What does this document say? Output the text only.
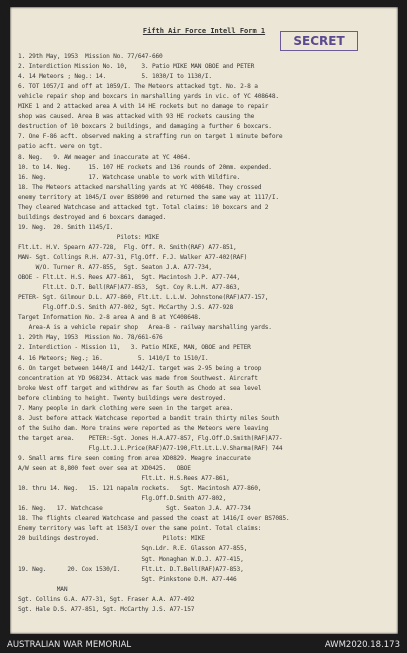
Fifth Air Force Intell Form 1
SECRET
1. 29th May, 1953  Mission No. 77/647-660
2. Interdiction Mission No. 10,    3. Patio MIKE MAN OBOE and PETER
4. 14 Meteors ; Neg.: 14.          5. 1030/I to 1130/I.
6. TOT 1057/I and off at 1059/I. The Meteors attacked tgt. No. 2-8 a
vehicle repair shop and boxcars in marshalling yards in vic. of YC 408648.
MIKE 1 and 2 attacked area A with 14 HE rockets but no damage to repair
shop was caused. Area B was attacked with 93 HE rockets causing the
destruction of 10 boxcars 2 buildings, and damaging a further 6 boxcars.
7. One F-86 acft. observed making a straffing run on target 1 minute before
patio acft. were on tgt.
8. Neg.   9. AW meager and inaccurate at YC 4064.
10. to 14. Neg.     15. 107 HE rockets and 136 rounds of 20mm. expended.
16. Neg.            17. Watchcase unable to work with Wildfire.
18. The Meteors attacked marshalling yards at YC 408648. They crossed
enemy territory at 1045/I over BS8090 and returned the same way at 1117/I.
They cleared Watchcase and attacked tgt. Total claims: 10 boxcars and 2
buildings destroyed and 6 boxcars damaged.
19. Neg.  20. Smith 1145/I.
Pilots: MIKE
Flt.Lt. H.V. Spearn A77-728,  Flg. Off. R. Smith(RAF) A77-851,
MAN- Sgt. Collings R.H. A77-31, Flg.Off. F.J. Walker A77-402(RAF)
W/O. Turner R. A77-855,  Sgt. Seaton J.A. A77-734,
OBOE - Flt.Lt. H.S. Rees A77-861,  Sgt. Macintosh J.P. A77-744,
Flt.Lt. D.T. Bell(RAF)A77-853,  Sgt. Coy R.L.M. A77-863,
PETER- Sgt. Gilmour D.L. A77-860, Flt.Lt. L.L.W. Johnstone(RAF)A77-157,
Flg.Off.D.S. Smith A77-802, Sgt. McCarthy J.S. A77-928
Target Information No. 2-8 area A and B at YC408648.
Area-A is a vehicle repair shop   Area-B - railway marshalling yards.
1. 29th May, 1953  Mission No. 78/661-676
2. Interdiction - Mission 11,   3. Patio MIKE, MAN, OBOE and PETER
4. 16 Meteors; Neg.; 16.          5. 1410/I to 1510/I.
6. On target between 1440/I and 1442/I. target was 2-95 being a troop
concentration at YD 968234. Attack was made from Southwest. Aircraft
broke West off target and withdrew as far South as Chodo at sea level
before climbing to height. Twenty buildings were destroyed.
7. Many people in dark clothing were seen in the target area.
8. Just before attack Watchcase reported a bandit train thirty miles South
of the Suiho dam. More trains were reported as the Meteors were leaving
the target area.    PETER:-Sgt. Jones H.A.A77-857, Flg.Off.D.Smith(RAF)A77-
Flg.Lt.J.L.Price(RAF)A77-190,Flt.Lt.L.V.Sharma(RAF) 744
9. Small arms fire seen coming from area XD0829. Meagre inaccurate
A/W seen at 8,800 feet over sea at XD0425.   OBOE
Flt.Lt. H.S.Rees A77-861,
10. thru 14. Neg.   15. 121 napalm rockets.   Sgt. Macintosh A77-860,
Flg.Off.D.Smith A77-802,
16. Neg.   17. Watchcase                  Sgt. Seaton J.A. A77-734
18. The flights cleared Watchcase and passed the coast at 1416/I over BS7085.
Enemy territory was left at 1503/I over the same point. Total claims:
20 buildings destroyed.                  Pilots: MIKE
Sqn.Ldr. R.E. Glasson A77-855,
Sgt. Monaghan W.D.J. A77-415,
19. Neg.      20. Cox 1530/I.      Flt.Lt. D.T.Bell(RAF)A77-853,
Sgt. Pinkstone D.M. A77-446
MAN
Sgt. Collins G.A. A77-31, Sgt. Fraser A.A. A77-492
Sgt. Hale D.S. A77-851, Sgt. McCarthy J.S. A77-157
AUSTRALIAN WAR MEMORIAL	AWM2020.18.173
